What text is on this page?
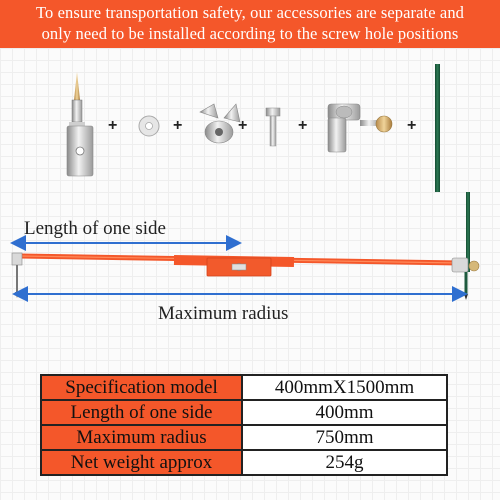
To ensure transportation safety, our accessories are separate and
only need to be installed according to the screw hole positions
+	+	+	+	+
Length of one side
Maximum radius
Specification model	400mmX1500mm
Length of one side	400mm
Maximum radius	750mm
Net weight approx	254g
